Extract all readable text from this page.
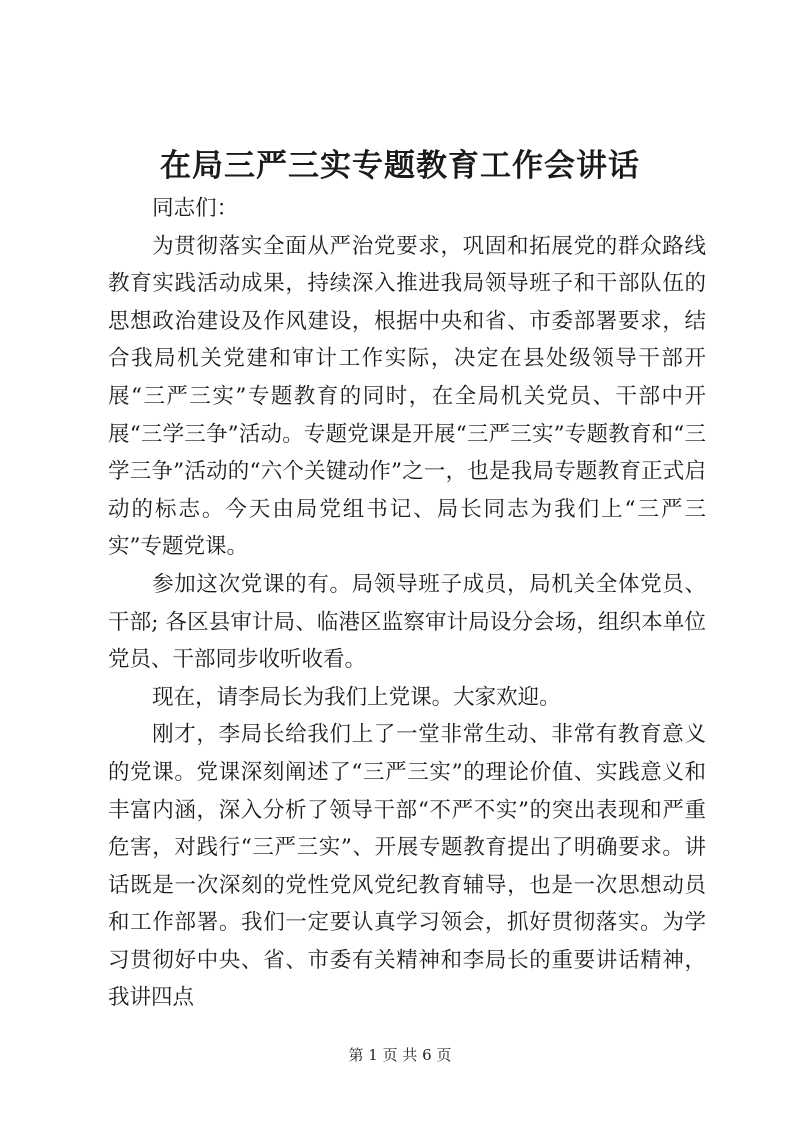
在局三严三实专题教育工作会讲话

同志们：

为贯彻落实全面从严治党要求，巩固和拓展党的群众路线教育实践活动成果，持续深入推进我局领导班子和干部队伍的思想政治建设及作风建设，根据中央和省、市委部署要求，结合我局机关党建和审计工作实际，决定在县处级领导干部开展“三严三实”专题教育的同时，在全局机关党员、干部中开展“三学三争”活动。专题党课是开展“三严三实”专题教育和“三学三争”活动的“六个关键动作”之一，也是我局专题教育正式启动的标志。今天由局党组书记、局长同志为我们上“三严三实”专题党课。

参加这次党课的有。局领导班子成员，局机关全体党员、干部; 各区县审计局、临港区监察审计局设分会场，组织本单位党员、干部同步收听收看。

现在，请李局长为我们上党课。大家欢迎。

刚才，李局长给我们上了一堂非常生动、非常有教育意义的党课。党课深刻阐述了“三严三实”的理论价值、实践意义和丰富内涵，深入分析了领导干部“不严不实”的突出表现和严重危害，对践行“三严三实”、开展专题教育提出了明确要求。讲话既是一次深刻的党性党风党纪教育辅导，也是一次思想动员和工作部署。我们一定要认真学习领会，抓好贯彻落实。为学习贯彻好中央、省、市委有关精神和李局长的重要讲话精神，我讲四点

第 1 页 共 6 页
